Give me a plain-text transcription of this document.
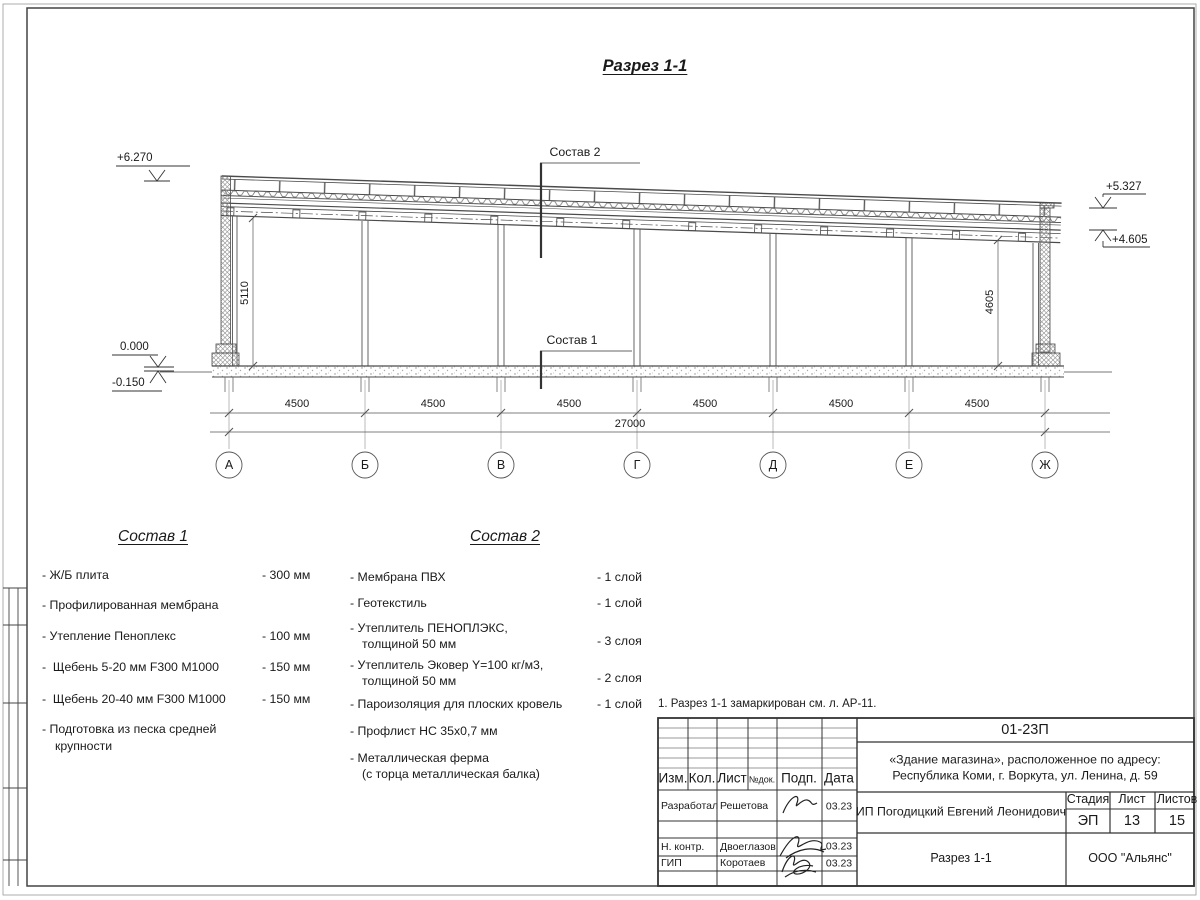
Разрез 1-1
Состав 2
Состав 1
+6.270
0.000
-0.150
+5.327
+4.605
5110	4605
4500	4500	4500	4500	4500	4500
27000
А	Б	В	Г	Д	Е	Ж
Состав 1
- Ж/Б плита	- 300 мм
- Профилированная мембрана
- Утепление Пеноплекс	- 100 мм
-  Щебень 5-20 мм F300 М1000	- 150 мм
-  Щебень 20-40 мм F300 М1000	- 150 мм
- Подготовка из песка средней
крупности
Состав 2
- Мембрана ПВХ	- 1 слой
- Геотекстиль	- 1 слой
- Утеплитель ПЕНОПЛЭКС,
толщиной 50 мм	- 3 слоя
- Утеплитель Эковер Y=100 кг/м3,
толщиной 50 мм	- 2 слоя
- Пароизоляция для плоских кровель	- 1 слой
- Профлист НС 35х0,7 мм
- Металлическая ферма
(с торца металлическая балка)
1. Разрез 1-1 замаркирован см. л. АР-11.
Изм. Кол. Лист №док. Подп. Дата
Разработал Решетова	03.23
Н. контр. Двоеглазов	03.23
ГИП	Коротаев	03.23
01-23П
«Здание магазина», расположенное по адресу:
Республика Коми, г. Воркута, ул. Ленина, д. 59
ИП Погодицкий Евгений Леонидович
Стадия Лист Листов
ЭП 13 15
Разрез 1-1	ООО "Альянс"
